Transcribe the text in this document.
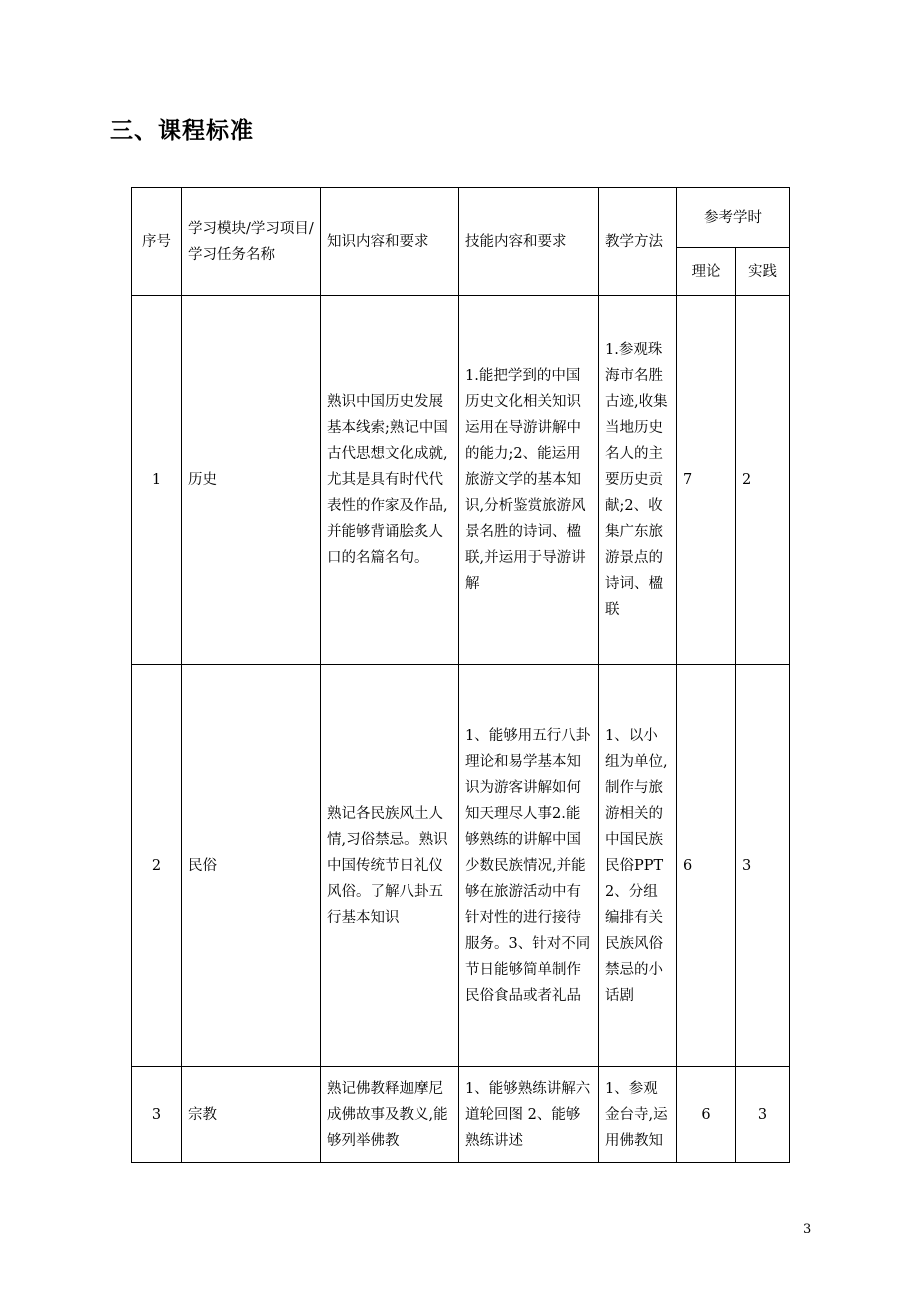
三、课程标准
序号	学习模块/学习项目/学习任务名称	知识内容和要求	技能内容和要求	教学方法	参考学时	
					理论	实践
1	历史	熟识中国历史发展基本线索;熟记中国古代思想文化成就,尤其是具有时代代表性的作家及作品,并能够背诵脍炙人口的名篇名句。	1.能把学到的中国历史文化相关知识运用在导游讲解中的能力;2、能运用旅游文学的基本知识,分析鉴赏旅游风景名胜的诗词、楹联,并运用于导游讲解	1.参观珠海市名胜古迹,收集当地历史名人的主要历史贡献;2、收集广东旅游景点的诗词、楹联	7	2
2	民俗	熟记各民族风土人情,习俗禁忌。熟识中国传统节日礼仪风俗。了解八卦五行基本知识	1、能够用五行八卦理论和易学基本知识为游客讲解如何知天理尽人事2.能够熟练的讲解中国少数民族情况,并能够在旅游活动中有针对性的进行接待服务。3、针对不同节日能够简单制作民俗食品或者礼品	1、以小组为单位,制作与旅游相关的中国民族民俗PPT 2、分组编排有关民族风俗禁忌的小话剧	6	3
3	宗教	熟记佛教释迦摩尼成佛故事及教义,能够列举佛教	1、能够熟练讲解六道轮回图 2、能够熟练讲述	1、参观金台寺,运用佛教知	6	3
3
